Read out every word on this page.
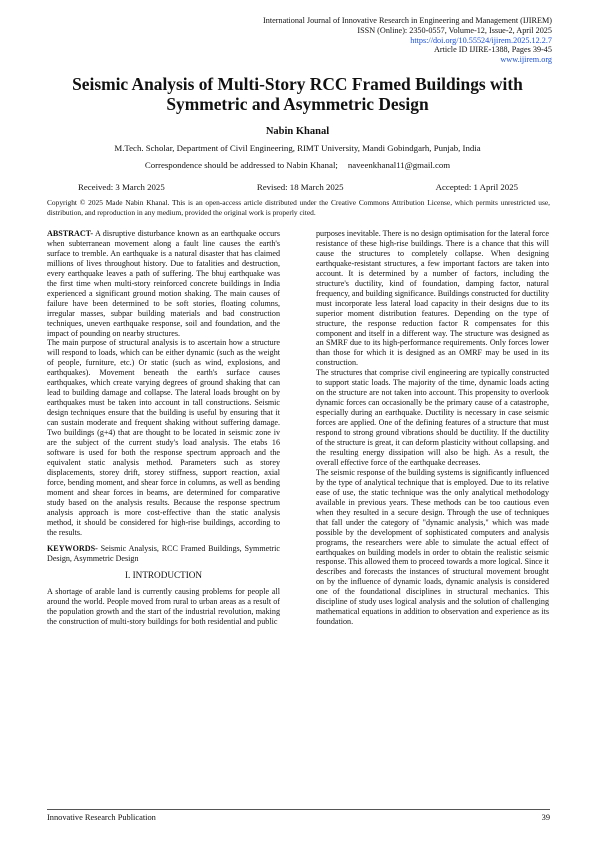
International Journal of Innovative Research in Engineering and Management (IJIREM)
ISSN (Online): 2350-0557, Volume-12, Issue-2, April 2025
https://doi.org/10.55524/ijirem.2025.12.2.7
Article ID IJIRE-1388, Pages 39-45
www.ijirem.org
Seismic Analysis of Multi-Story RCC Framed Buildings with Symmetric and Asymmetric Design
Nabin Khanal
M.Tech. Scholar, Department of Civil Engineering, RIMT University, Mandi Gobindgarh, Punjab, India
Correspondence should be addressed to Nabin Khanal; naveenkhanal11@gmail.com
Received: 3 March 2025	Revised: 18 March 2025	Accepted: 1 April 2025
Copyright © 2025 Made Nabin Khanal. This is an open-access article distributed under the Creative Commons Attribution License, which permits unrestricted use, distribution, and reproduction in any medium, provided the original work is properly cited.

ABSTRACT- A disruptive disturbance known as an earthquake occurs when subterranean movement along a fault line causes the earth's surface to tremble. An earthquake is a natural disaster that has claimed millions of lives throughout history. Due to fatalities and destruction, every earthquake leaves a path of suffering. The bhuj earthquake was the first time when multi-story reinforced concrete buildings in India experienced a significant ground motion shaking. The main causes of failure have been determined to be soft stories, floating columns, irregular masses, subpar building materials and bad construction techniques, uneven earthquake response, soil and foundation, and the impact of pounding on nearby structures.

The main purpose of structural analysis is to ascertain how a structure will respond to loads, which can be either dynamic (such as the weight of people, furniture, etc.) Or static (such as wind, explosions, and earthquakes). Movement beneath the earth's surface causes earthquakes, which create varying degrees of ground shaking that can lead to building damage and collapse. The lateral loads brought on by earthquakes must be taken into account in tall constructions. Seismic design techniques ensure that the building is useful by ensuring that it can sustain moderate and frequent shaking without suffering damage. Two buildings (g+4) that are thought to be located in seismic zone iv are the subject of the current study's load analysis. The etabs 16 software is used for both the response spectrum approach and the equivalent static analysis method. Parameters such as storey displacements, storey drift, storey stiffness, support reaction, axial force, bending moment, and shear force in columns, as well as bending moment and shear forces in beams, are determined for comparative study based on the analysis results. Because the response spectrum analysis approach is more cost-effective than the static analysis method, it should be considered for high-rise buildings, according to the results.

KEYWORDS- Seismic Analysis, RCC Framed Buildings, Symmetric Design, Asymmetric Design

I. INTRODUCTION

A shortage of arable land is currently causing problems for people all around the world. People moved from rural to urban areas as a result of the population growth and the start of the industrial revolution, making the construction of multi-story buildings for both residential and public

purposes inevitable. There is no design optimisation for the lateral force resistance of these high-rise buildings. There is a chance that this will cause the structures to completely collapse. When designing earthquake-resistant structures, a few important factors are taken into account. It is determined by a number of factors, including the structure's ductility, kind of foundation, damping factor, natural frequency, and building significance. Buildings constructed for ductility must incorporate less lateral load capacity in their designs due to its superior moment distribution features. Depending on the type of structure, the response reduction factor R compensates for this component and itself in a different way. The structure was designed as an SMRF due to its high-performance requirements. Only forces lower than those for which it is designed as an OMRF may be used in its construction.

The structures that comprise civil engineering are typically constructed to support static loads. The majority of the time, dynamic loads acting on the structure are not taken into account. This propensity to overlook dynamic forces can occasionally be the primary cause of a catastrophe, especially during an earthquake. Ductility is necessary in case seismic forces are applied. One of the defining features of a structure that must respond to strong ground vibrations should be ductility. If the ductility of the structure is great, it can deform plasticity without collapsing. and the resulting energy dissipation will also be high. As a result, the overall effective force of the earthquake decreases.

The seismic response of the building systems is significantly influenced by the type of analytical technique that is employed. Due to its relative ease of use, the static technique was the only analytical methodology available in previous years. These methods can be too cautious even when they resulted in a secure design. Through the use of techniques that fall under the category of "dynamic analysis," which was made possible by the development of sophisticated computers and analysis programs, the researchers were able to simulate the actual effect of earthquakes on building models in order to obtain the realistic seismic response. This allowed them to proceed towards a more logical. Since it describes and forecasts the instances of structural movement brought on by the influence of dynamic loads, dynamic analysis is considered one of the foundational disciplines in structural mechanics. This discipline of study uses logical analysis and the solution of challenging mathematical equations in addition to observation and experience as its foundation.

Innovative Research Publication	39
